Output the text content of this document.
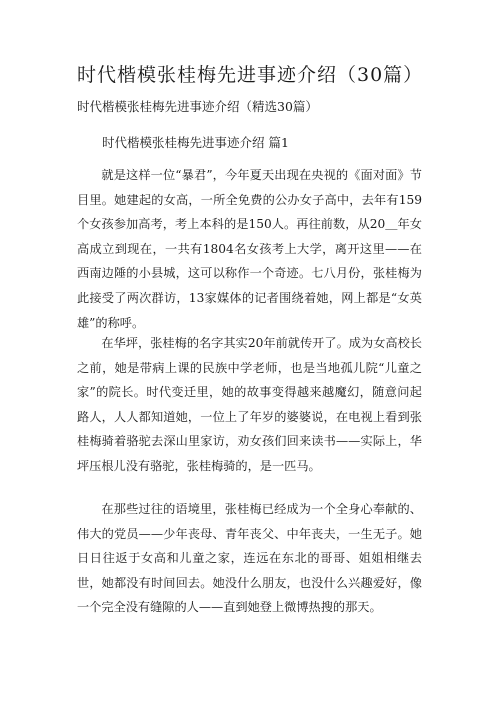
时代楷模张桂梅先进事迹介绍（30篇）

时代楷模张桂梅先进事迹介绍（精选30篇）

时代楷模张桂梅先进事迹介绍 篇1

就是这样一位“暴君”，今年夏天出现在央视的《面对面》节目里。她建起的女高，一所全免费的公办女子高中，去年有159个女孩参加高考，考上本科的是150人。再往前数，从20＿年女高成立到现在，一共有1804名女孩考上大学，离开这里——在西南边陲的小县城，这可以称作一个奇迹。七八月份，张桂梅为此接受了两次群访，13家媒体的记者围绕着她，网上都是“女英雄”的称呼。

在华坪，张桂梅的名字其实20年前就传开了。成为女高校长之前，她是带病上课的民族中学老师，也是当地孤儿院“儿童之家”的院长。时代变迁里，她的故事变得越来越魔幻，随意问起路人，人人都知道她，一位上了年岁的婆婆说，在电视上看到张桂梅骑着骆驼去深山里家访，劝女孩们回来读书——实际上，华坪压根儿没有骆驼，张桂梅骑的，是一匹马。

在那些过往的语境里，张桂梅已经成为一个全身心奉献的、伟大的党员——少年丧母、青年丧父、中年丧夫，一生无子。她日日往返于女高和儿童之家，连远在东北的哥哥、姐姐相继去世，她都没有时间回去。她没什么朋友，也没什么兴趣爱好，像一个完全没有缝隙的人——直到她登上微博热搜的那天。
